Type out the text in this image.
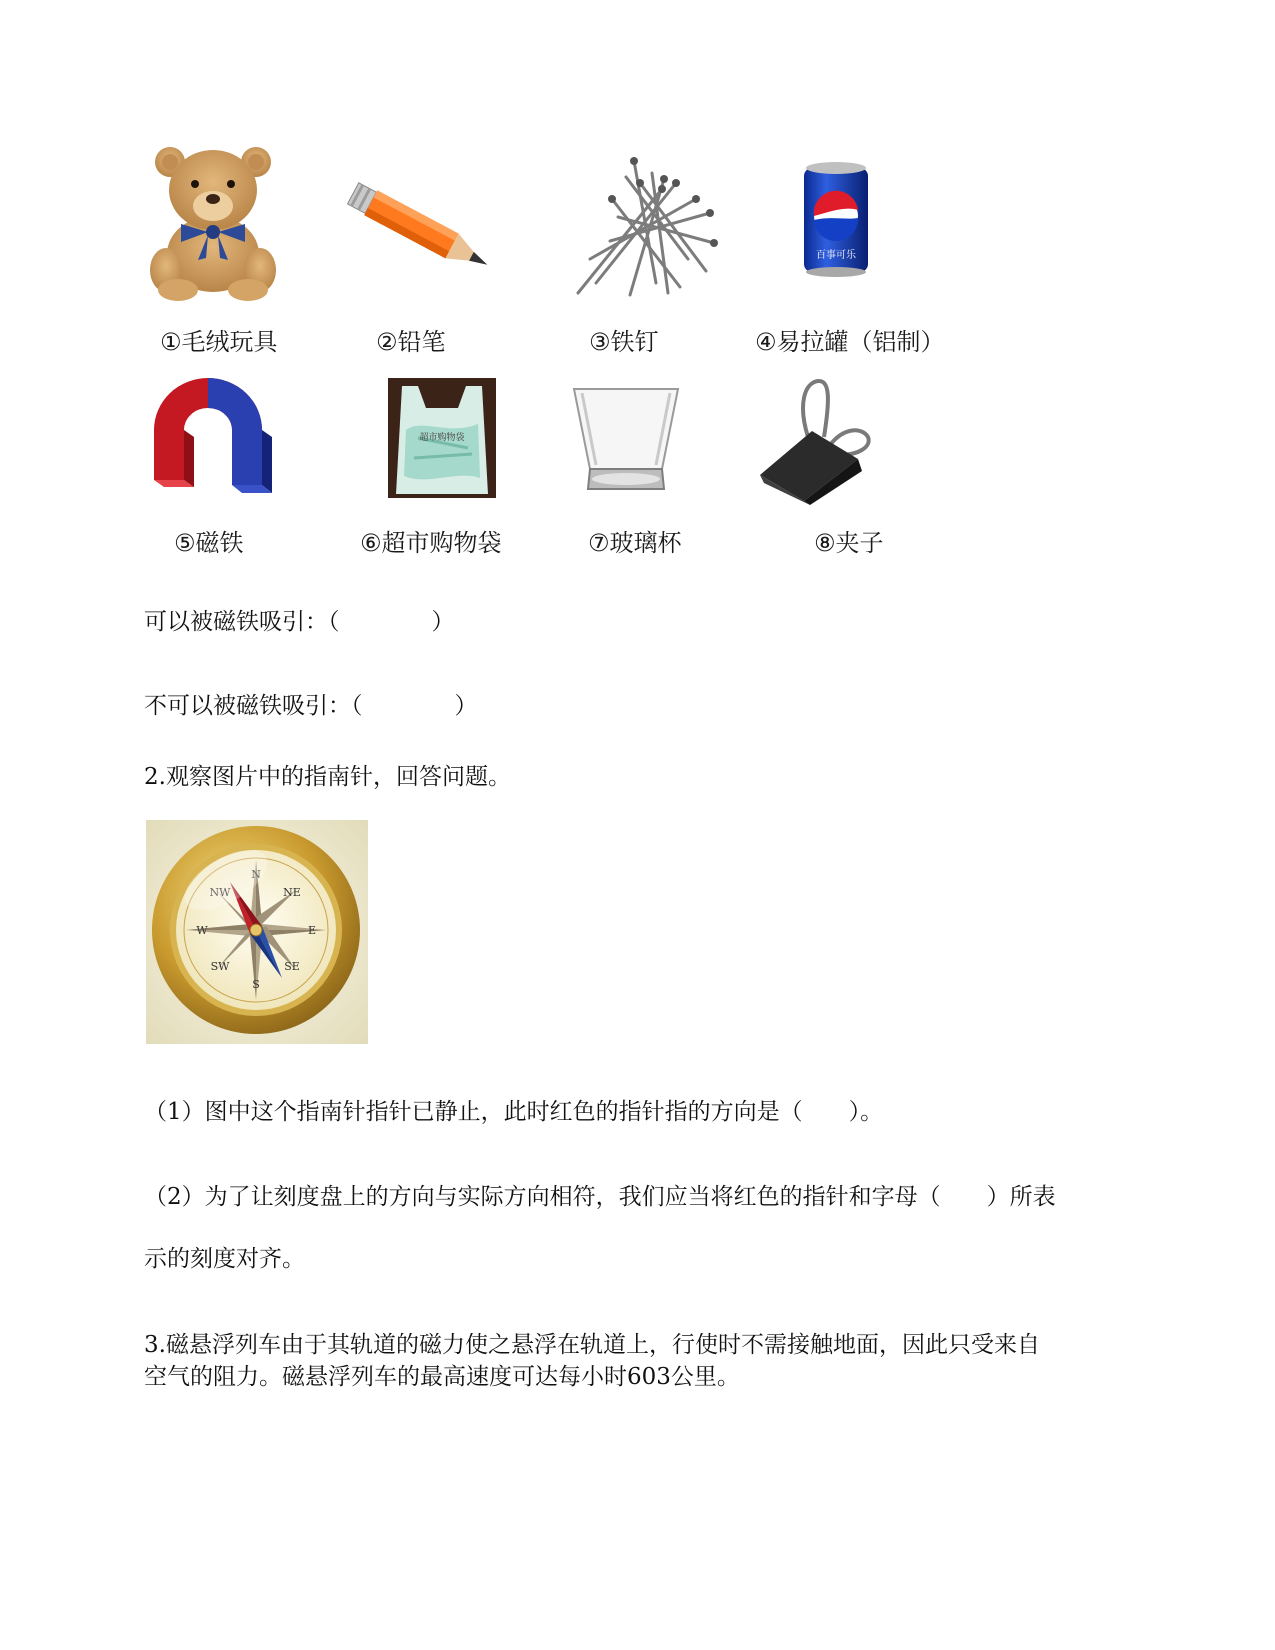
百事可乐
①毛绒玩具	②铅笔	③铁钉	④易拉罐（铝制）
超市购物袋
⑤磁铁	⑥超市购物袋	⑦玻璃杯	⑧夹子
可以被磁铁吸引：（　　　　）
不可以被磁铁吸引：（　　　　）
2.观察图片中的指南针，回答问题。
N
NE
E
SE
S
SW
W
NW
（1）图中这个指南针指针已静止，此时红色的指针指的方向是（　　）。
（2）为了让刻度盘上的方向与实际方向相符，我们应当将红色的指针和字母（　　）所表
示的刻度对齐。
3.磁悬浮列车由于其轨道的磁力使之悬浮在轨道上，行使时不需接触地面，因此只受来自
空气的阻力。磁悬浮列车的最高速度可达每小时603公里。
